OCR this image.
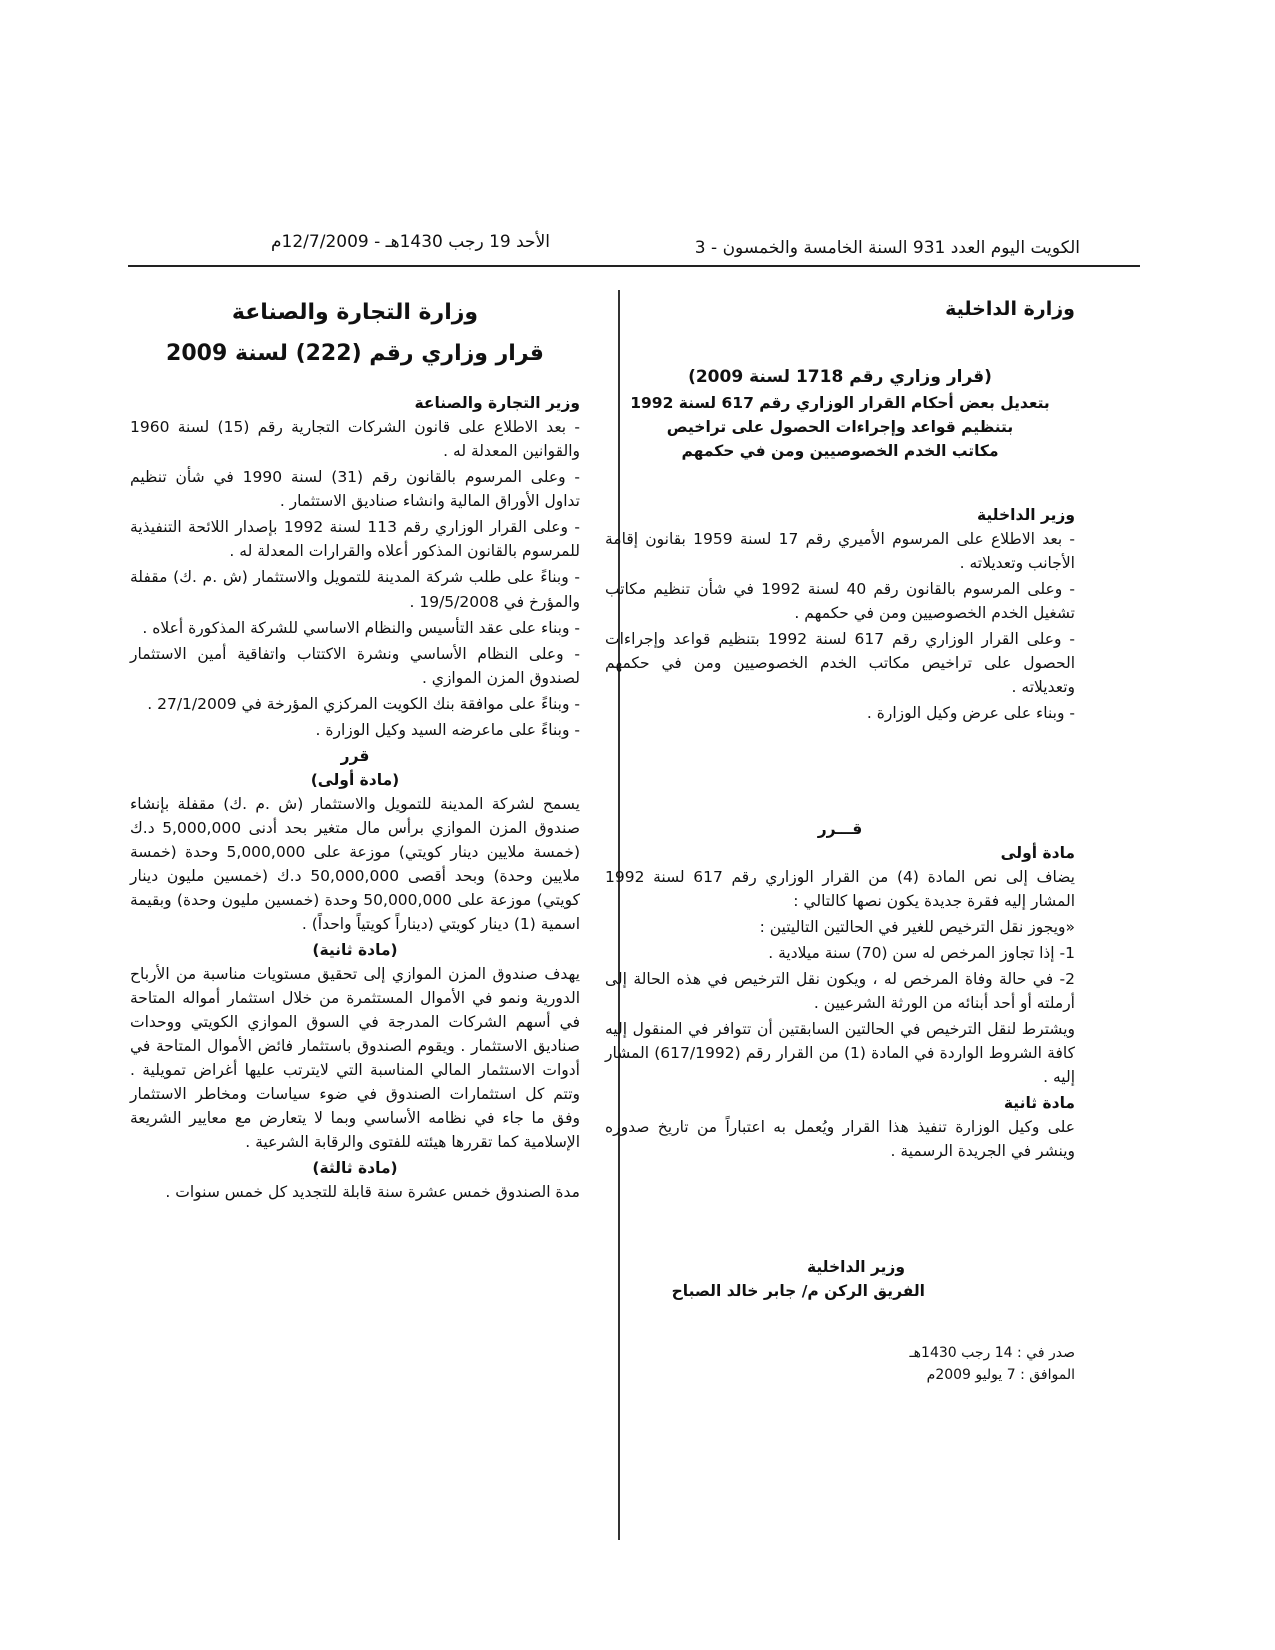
الكويت اليوم العدد 931 السنة الخامسة والخمسون - 3
الأحد 19 رجب 1430هـ - 12/7/2009م
وزارة الداخلية
(قرار وزاري رقم 1718 لسنة 2009)
بتعديل بعض أحكام القرار الوزاري رقم 617 لسنة 1992
بتنظيم قواعد وإجراءات الحصول على تراخيص
مكاتب الخدم الخصوصيين ومن في حكمهم
وزير الداخلية
- بعد الاطلاع على المرسوم الأميري رقم 17 لسنة 1959 بقانون إقامة الأجانب وتعديلاته .
- وعلى المرسوم بالقانون رقم 40 لسنة 1992 في شأن تنظيم مكاتب تشغيل الخدم الخصوصيين ومن في حكمهم .
- وعلى القرار الوزاري رقم 617 لسنة 1992 بتنظيم قواعد وإجراءات الحصول على تراخيص مكاتب الخدم الخصوصيين ومن في حكمهم وتعديلاته .
- وبناء على عرض وكيل الوزارة .
قـــرر
مادة أولى
يضاف إلى نص المادة (4) من القرار الوزاري رقم 617 لسنة 1992 المشار إليه فقرة جديدة يكون نصها كالتالي :
«ويجوز نقل الترخيص للغير في الحالتين التاليتين :
1- إذا تجاوز المرخص له سن (70) سنة ميلادية .
2- في حالة وفاة المرخص له ، ويكون نقل الترخيص في هذه الحالة إلى أرملته أو أحد أبنائه من الورثة الشرعيين .
ويشترط لنقل الترخيص في الحالتين السابقتين أن تتوافر في المنقول إليه كافة الشروط الواردة في المادة (1) من القرار رقم (617/1992) المشار إليه .
مادة ثانية
على وكيل الوزارة تنفيذ هذا القرار ويُعمل به اعتباراً من تاريخ صدوره وينشر في الجريدة الرسمية .
وزير الداخلية
الفريق الركن م/ جابر خالد الصباح
صدر في : 14 رجب 1430هـ
الموافق : 7 يوليو 2009م
وزارة التجارة والصناعة
قرار وزاري رقم (222) لسنة 2009
وزير التجارة والصناعة
- بعد الاطلاع على قانون الشركات التجارية رقم (15) لسنة 1960 والقوانين المعدلة له .
- وعلى المرسوم بالقانون رقم (31) لسنة 1990 في شأن تنظيم تداول الأوراق المالية وانشاء صناديق الاستثمار .
- وعلى القرار الوزاري رقم 113 لسنة 1992 بإصدار اللائحة التنفيذية للمرسوم بالقانون المذكور أعلاه والقرارات المعدلة له .
- وبناءً على طلب شركة المدينة للتمويل والاستثمار (ش .م .ك) مقفلة والمؤرخ في 19/5/2008 .
- وبناء على عقد التأسيس والنظام الاساسي للشركة المذكورة أعلاه .
- وعلى النظام الأساسي ونشرة الاكتتاب واتفاقية أمين الاستثمار لصندوق المزن الموازي .
- وبناءً على موافقة بنك الكويت المركزي المؤرخة في 27/1/2009 .
- وبناءً على ماعرضه السيد وكيل الوزارة .
قرر
(مادة أولى)
يسمح لشركة المدينة للتمويل والاستثمار (ش .م .ك) مقفلة بإنشاء صندوق المزن الموازي برأس مال متغير بحد أدنى 5,000,000 د.ك (خمسة ملايين دينار كويتي) موزعة على 5,000,000 وحدة (خمسة ملايين وحدة) وبحد أقصى 50,000,000 د.ك (خمسين مليون دينار كويتي) موزعة على 50,000,000 وحدة (خمسين مليون وحدة) وبقيمة اسمية (1) دينار كويتي (ديناراً كويتياً واحداً) .
(مادة ثانية)
يهدف صندوق المزن الموازي إلى تحقيق مستويات مناسبة من الأرباح الدورية ونمو في الأموال المستثمرة من خلال استثمار أمواله المتاحة في أسهم الشركات المدرجة في السوق الموازي الكويتي ووحدات صناديق الاستثمار . ويقوم الصندوق باستثمار فائض الأموال المتاحة في أدوات الاستثمار المالي المناسبة التي لايترتب عليها أغراض تمويلية . وتتم كل استثمارات الصندوق في ضوء سياسات ومخاطر الاستثمار وفق ما جاء في نظامه الأساسي وبما لا يتعارض مع معايير الشريعة الإسلامية كما تقررها هيئته للفتوى والرقابة الشرعية .
(مادة ثالثة)
مدة الصندوق خمس عشرة سنة قابلة للتجديد كل خمس سنوات .
